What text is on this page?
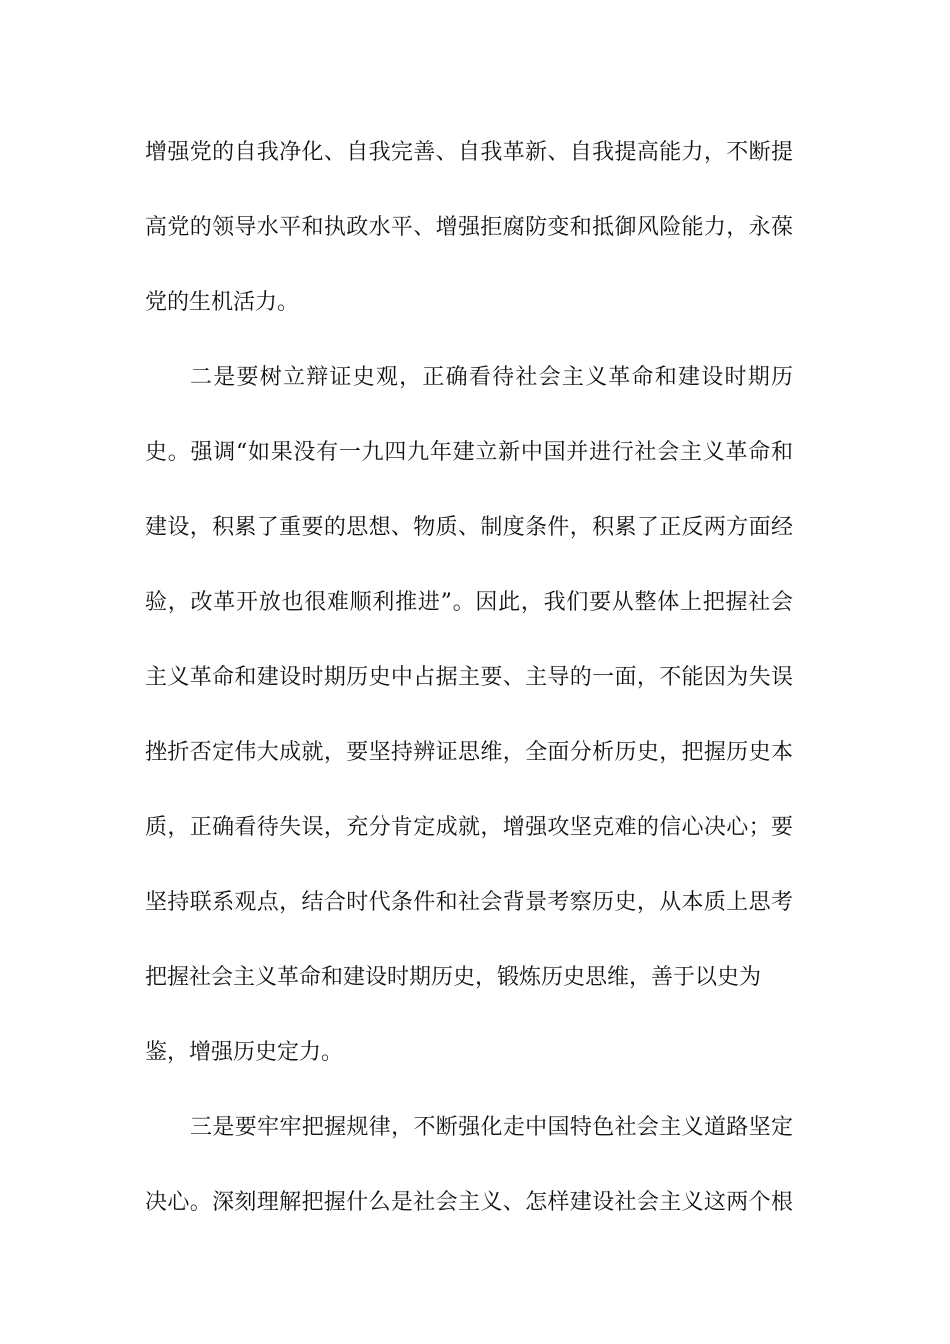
增强党的自我净化、自我完善、自我革新、自我提高能力，不断提
高党的领导水平和执政水平、增强拒腐防变和抵御风险能力，永葆
党的生机活力。
二是要树立辩证史观，正确看待社会主义革命和建设时期历
史。强调“如果没有一九四九年建立新中国并进行社会主义革命和
建设，积累了重要的思想、物质、制度条件，积累了正反两方面经
验，改革开放也很难顺利推进”。因此，我们要从整体上把握社会
主义革命和建设时期历史中占据主要、主导的一面，不能因为失误
挫折否定伟大成就，要坚持辨证思维，全面分析历史，把握历史本
质，正确看待失误，充分肯定成就，增强攻坚克难的信心决心；要
坚持联系观点，结合时代条件和社会背景考察历史，从本质上思考
把握社会主义革命和建设时期历史，锻炼历史思维，善于以史为
鉴，增强历史定力。
三是要牢牢把握规律，不断强化走中国特色社会主义道路坚定
决心。深刻理解把握什么是社会主义、怎样建设社会主义这两个根
